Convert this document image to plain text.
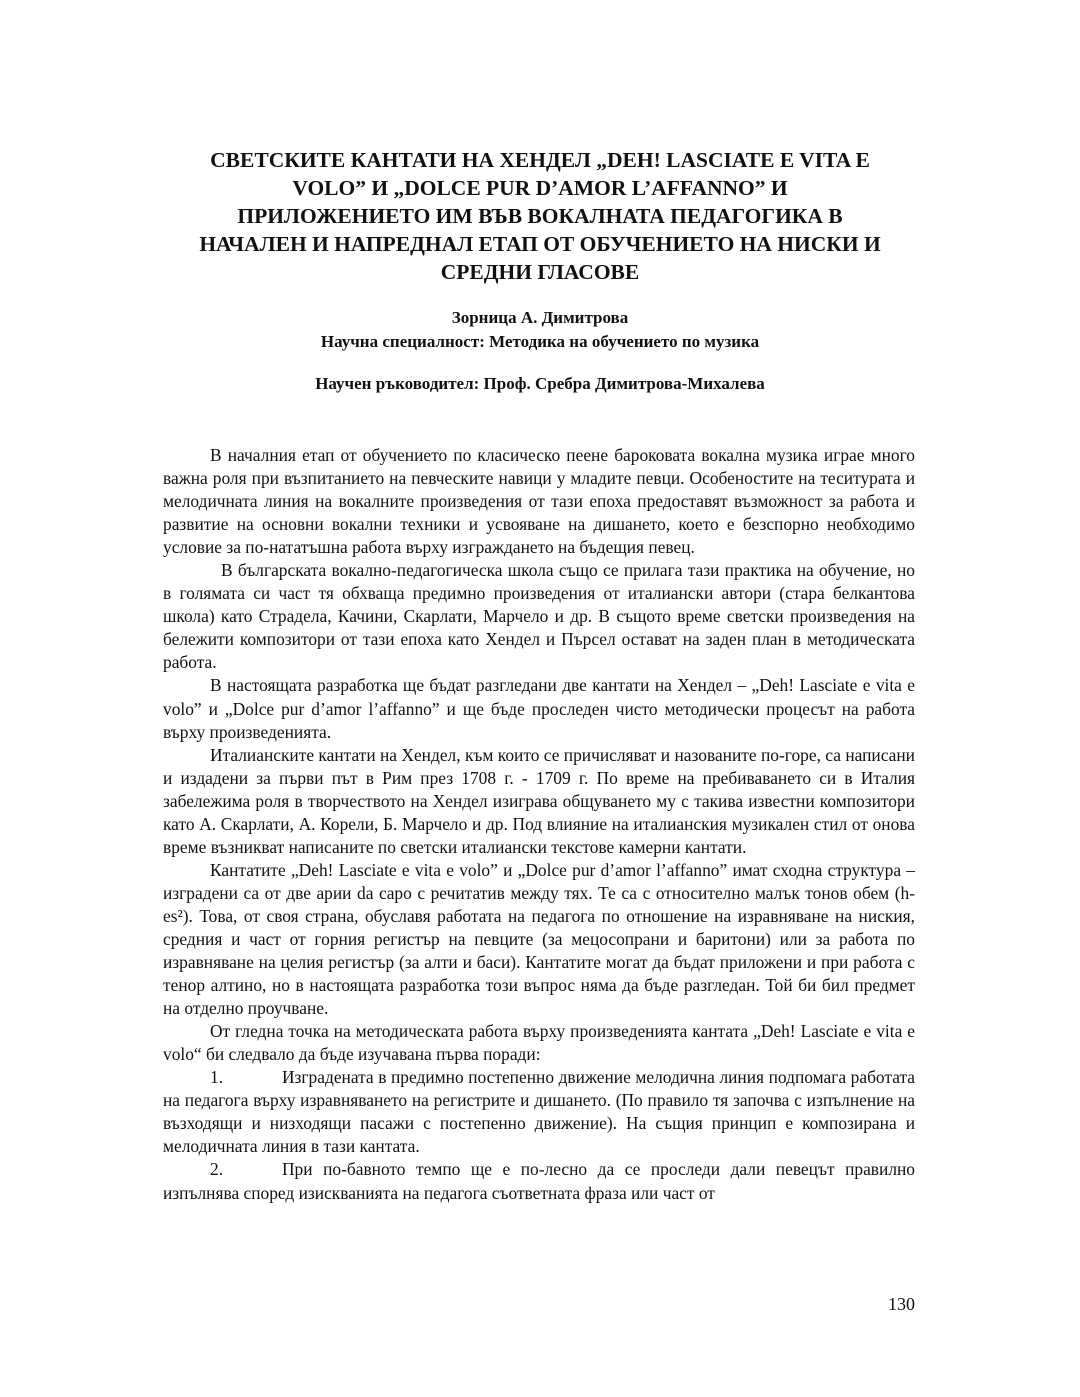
СВЕТСКИТЕ КАНТАТИ НА ХЕНДЕЛ „DEH! LASCIATE E VITA E
VOLO” И „DOLCE PUR D’AMOR L’AFFANNO” И
ПРИЛОЖЕНИЕТО ИМ ВЪВ ВОКАЛНАТА ПЕДАГОГИКА В
НАЧАЛЕН И НАПРЕДНАЛ ЕТАП ОТ ОБУЧЕНИЕТО НА НИСКИ И
СРЕДНИ ГЛАСОВЕ
Зорница А. Димитрова
Научна специалност: Методика на обучението по музика
Научен ръководител: Проф. Сребра Димитрова-Михалева

В началния етап от обучението по класическо пеене бароковата вокална музика играе много важна роля при възпитанието на певческите навици у младите певци. Особеностите на теситурата и мелодичната линия на вокалните произведения от тази епоха предоставят възможност за работа и развитие на основни вокални техники и усвояване на дишането, което е безспорно необходимо условие за по-нататъшна работа върху изграждането на бъдещия певец.

В българската вокално-педагогическа школа също се прилага тази практика на обучение, но в голямата си част тя обхваща предимно произведения от италиански автори (стара белкантова школа) като Страдела, Качини, Скарлати, Марчело и др. В същото време светски произведения на бележити композитори от тази епоха като Хендел и Пърсел остават на заден план в методическата работа.

В настоящата разработка ще бъдат разгледани две кантати на Хендел – „Deh! Lasciate e vita e volo” и „Dolce pur d’amor l’affanno” и ще бъде проследен чисто методически процесът на работа върху произведенията.

Италианските кантати на Хендел, към които се причисляват и назованите по-горе, са написани и издадени за първи път в Рим през 1708 г. - 1709 г. По време на пребиваването си в Италия забележима роля в творчеството на Хендел изиграва общуването му с такива известни композитори като А. Скарлати, А. Корели, Б. Марчело и др. Под влияние на италианския музикален стил от онова време възникват написаните по светски италиански текстове камерни кантати.

Кантатите „Deh! Lasciate e vita e volo” и „Dolce pur d’amor l’affanno” имат сходна структура – изградени са от две арии da capo с речитатив между тях. Те са с относително малък тонов обем (h-es²). Това, от своя страна, обуславя работата на педагога по отношение на изравняване на ниския, средния и част от горния регистър на певците (за мецосопрани и баритони) или за работа по изравняване на целия регистър (за алти и баси). Кантатите могат да бъдат приложени и при работа с тенор алтино, но в настоящата разработка този въпрос няма да бъде разгледан. Той би бил предмет на отделно проучване.

От гледна точка на методическата работа върху произведенията кантата „Deh! Lasciate e vita e volo“ би следвало да бъде изучавана първа поради:

1.	Изградената в предимно постепенно движение мелодична линия подпомага работата на педагога върху изравняването на регистрите и дишането. (По правило тя започва с изпълнение на възходящи и низходящи пасажи с постепенно движение). На същия принцип е композирана и мелодичната линия в тази кантата.

2.	При по-бавното темпо ще е по-лесно да се проследи дали певецът правилно изпълнява според изискванията на педагога съответната фраза или част от

130
